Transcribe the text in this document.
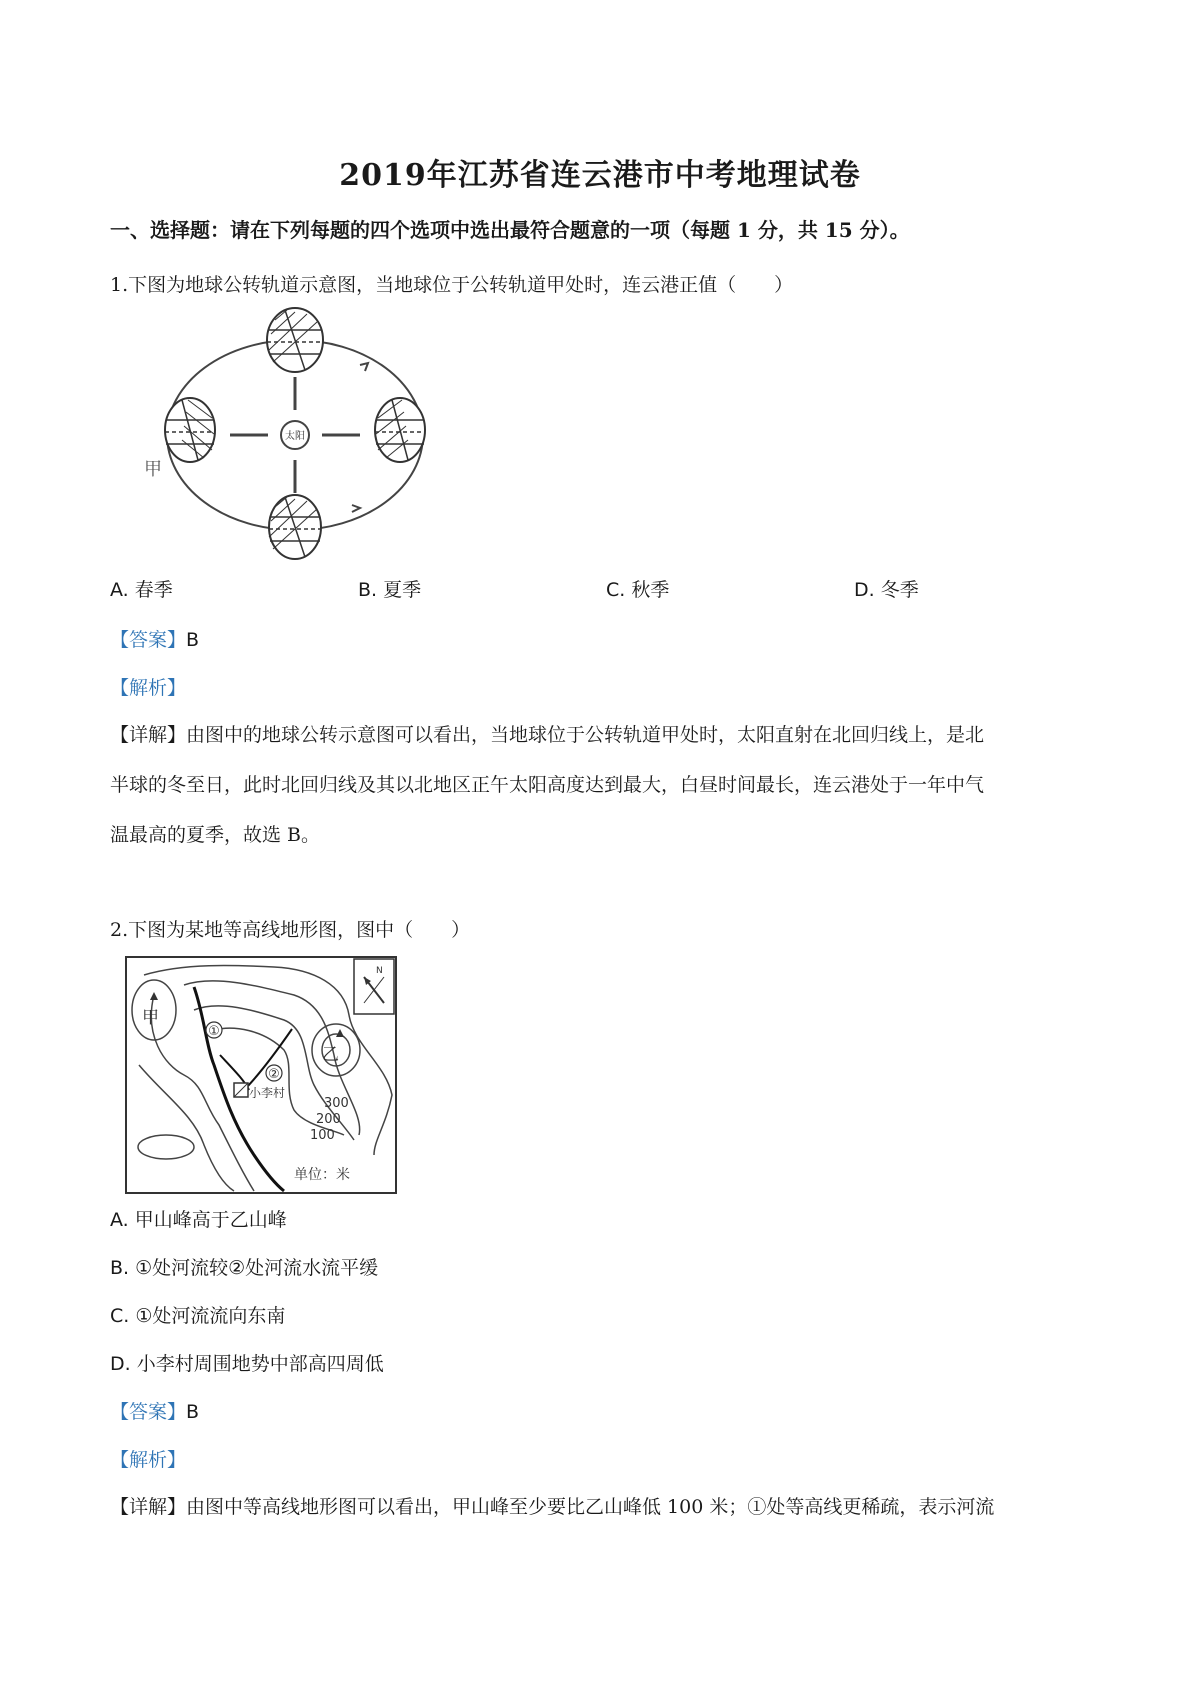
2019年江苏省连云港市中考地理试卷
一、选择题：请在下列每题的四个选项中选出最符合题意的一项（每题 1 分，共 15 分）。
1.下图为地球公转轨道示意图，当地球位于公转轨道甲处时，连云港正值（　　）
太阳
甲
A. 春季	B. 夏季	C. 秋季	D. 冬季
【答案】B
【解析】
【详解】由图中的地球公转示意图可以看出，当地球位于公转轨道甲处时，太阳直射在北回归线上，是北
半球的冬至日，此时北回归线及其以北地区正午太阳高度达到最大，白昼时间最长，连云港处于一年中气
温最高的夏季，故选 B。
2.下图为某地等高线地形图，图中（　　）
N
甲
乙
①
②
小李村
300
200
100
单位：米
A. 甲山峰高于乙山峰
B. ①处河流较②处河流水流平缓
C. ①处河流流向东南
D. 小李村周围地势中部高四周低
【答案】B
【解析】
【详解】由图中等高线地形图可以看出，甲山峰至少要比乙山峰低 100 米；①处等高线更稀疏，表示河流
